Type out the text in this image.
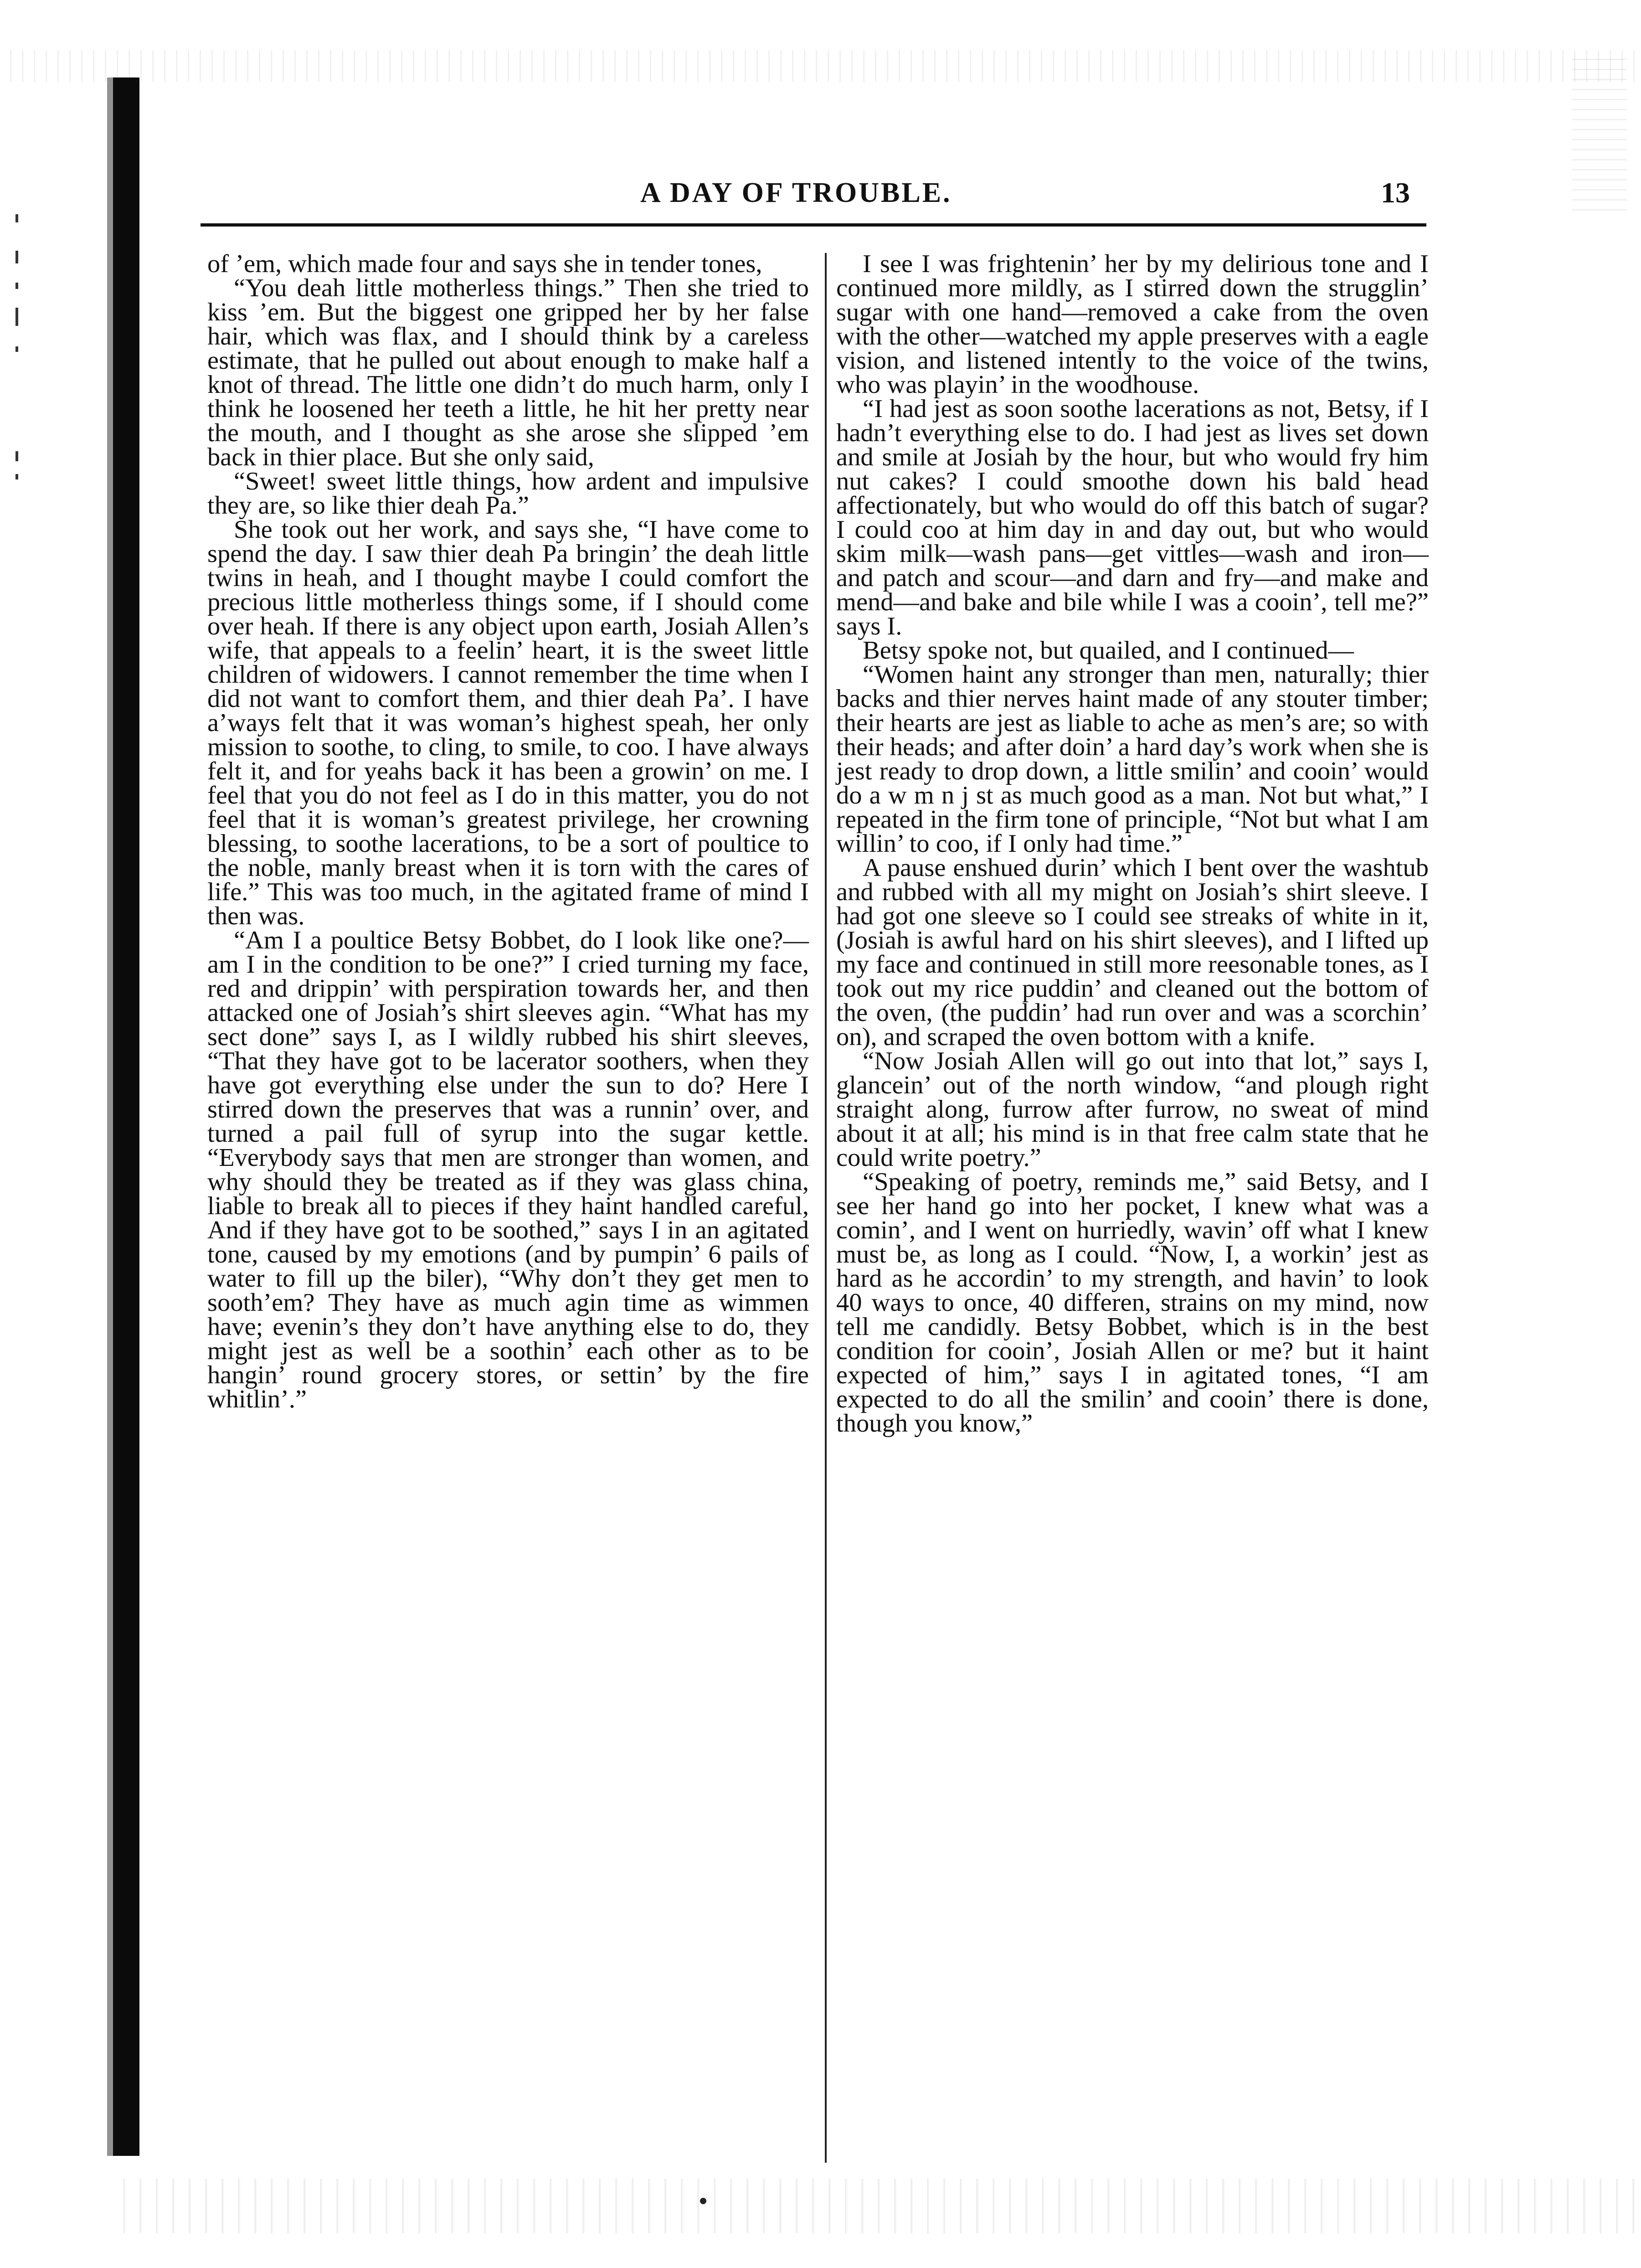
A DAY OF TROUBLE.	13

of ’em, which made four and says she in tender tones,

“You deah little motherless things.” Then she tried to kiss ’em. But the biggest one gripped her by her false hair, which was flax, and I should think by a careless estimate, that he pulled out about enough to make half a knot of thread. The little one didn’t do much harm, only I think he loosened her teeth a little, he hit her pretty near the mouth, and I thought as she arose she slipped ’em back in thier place. But she only said,

“Sweet! sweet little things, how ardent and impulsive they are, so like thier deah Pa.”

She took out her work, and says she, “I have come to spend the day. I saw thier deah Pa bringin’ the deah little twins in heah, and I thought maybe I could comfort the precious little motherless things some, if I should come over heah. If there is any object upon earth, Josiah Allen’s wife, that appeals to a feelin’ heart, it is the sweet little children of widowers. I cannot remember the time when I did not want to comfort them, and thier deah Pa’. I have a’ways felt that it was woman’s highest speah, her only mission to soothe, to cling, to smile, to coo. I have always felt it, and for yeahs back it has been a growin’ on me. I feel that you do not feel as I do in this matter, you do not feel that it is woman’s greatest privilege, her crowning blessing, to soothe lacerations, to be a sort of poultice to the noble, manly breast when it is torn with the cares of life.” This was too much, in the agitated frame of mind I then was.

“Am I a poultice Betsy Bobbet, do I look like one?—am I in the condition to be one?” I cried turning my face, red and drippin’ with perspiration towards her, and then attacked one of Josiah’s shirt sleeves agin. “What has my sect done” says I, as I wildly rubbed his shirt sleeves, “That they have got to be lacerator soothers, when they have got everything else under the sun to do? Here I stirred down the preserves that was a runnin’ over, and turned a pail full of syrup into the sugar kettle. “Everybody says that men are stronger than women, and why should they be treated as if they was glass china, liable to break all to pieces if they haint handled careful, And if they have got to be soothed,” says I in an agitated tone, caused by my emotions (and by pumpin’ 6 pails of water to fill up the biler), “Why don’t they get men to sooth’em? They have as much agin time as wimmen have; evenin’s they don’t have anything else to do, they might jest as well be a soothin’ each other as to be hangin’ round grocery stores, or settin’ by the fire whitlin’.”

I see I was frightenin’ her by my delirious tone and I continued more mildly, as I stirred down the strugglin’ sugar with one hand—removed a cake from the oven with the other—watched my apple preserves with a eagle vision, and listened intently to the voice of the twins, who was playin’ in the woodhouse.

“I had jest as soon soothe lacerations as not, Betsy, if I hadn’t everything else to do. I had jest as lives set down and smile at Josiah by the hour, but who would fry him nut cakes? I could smoothe down his bald head affectionately, but who would do off this batch of sugar? I could coo at him day in and day out, but who would skim milk—wash pans—get vittles—wash and iron—and patch and scour—and darn and fry—and make and mend—and bake and bile while I was a cooin’, tell me?” says I.

Betsy spoke not, but quailed, and I continued—

“Women haint any stronger than men, naturally; thier backs and thier nerves haint made of any stouter timber; their hearts are jest as liable to ache as men’s are; so with their heads; and after doin’ a hard day’s work when she is jest ready to drop down, a little smilin’ and cooin’ would do a w m n j st as much good as a man. Not but what,” I repeated in the firm tone of principle, “Not but what I am willin’ to coo, if I only had time.”

A pause enshued durin’ which I bent over the washtub and rubbed with all my might on Josiah’s shirt sleeve. I had got one sleeve so I could see streaks of white in it, (Josiah is awful hard on his shirt sleeves), and I lifted up my face and continued in still more reesonable tones, as I took out my rice puddin’ and cleaned out the bottom of the oven, (the puddin’ had run over and was a scorchin’ on), and scraped the oven bottom with a knife.

“Now Josiah Allen will go out into that lot,” says I, glancein’ out of the north window, “and plough right straight along, furrow after furrow, no sweat of mind about it at all; his mind is in that free calm state that he could write poetry.”

“Speaking of poetry, reminds me,” said Betsy, and I see her hand go into her pocket, I knew what was a comin’, and I went on hurriedly, wavin’ off what I knew must be, as long as I could. “Now, I, a workin’ jest as hard as he accordin’ to my strength, and havin’ to look 40 ways to once, 40 differen, strains on my mind, now tell me candidly. Betsy Bobbet, which is in the best condition for cooin’, Josiah Allen or me? but it haint expected of him,” says I in agitated tones, “I am expected to do all the smilin’ and cooin’ there is done, though you know,”
